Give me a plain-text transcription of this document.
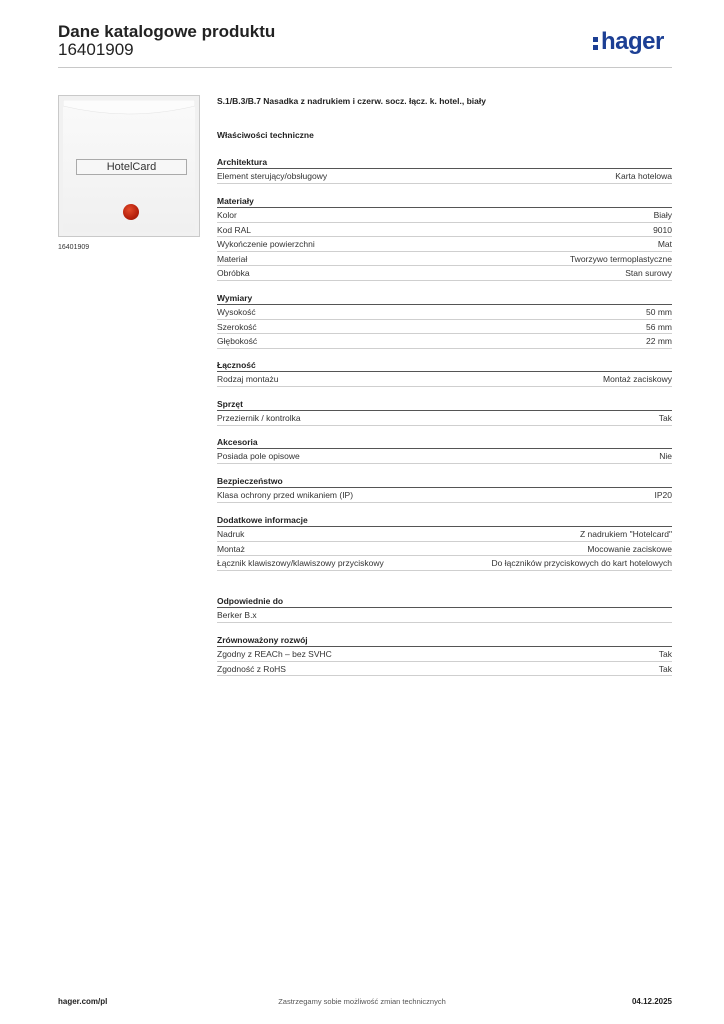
Dane katalogowe produktu
16401909	hager
HotelCard
16401909
S.1/B.3/B.7 Nasadka z nadrukiem i czerw. socz. łącz. k. hotel., biały
Właściwości techniczne
Architektura
Element sterujący/obsługowy	Karta hotelowa
Materiały
Kolor	Biały
Kod RAL	9010
Wykończenie powierzchni	Mat
Materiał	Tworzywo termoplastyczne
Obróbka	Stan surowy
Wymiary
Wysokość	50 mm
Szerokość	56 mm
Głębokość	22 mm
Łączność
Rodzaj montażu	Montaż zaciskowy
Sprzęt
Przeziernik / kontrolka	Tak
Akcesoria
Posiada pole opisowe	Nie
Bezpieczeństwo
Klasa ochrony przed wnikaniem (IP)	IP20
Dodatkowe informacje
Nadruk	Z nadrukiem "Hotelcard"
Montaż	Mocowanie zaciskowe
Łącznik klawiszowy/klawiszowy przyciskowy	Do łączników przyciskowych do kart hotelowych
Odpowiednie do
Berker B.x
Zrównoważony rozwój
Zgodny z REACh – bez SVHC	Tak
Zgodność z RoHS	Tak
hager.com/pl	Zastrzegamy sobie możliwość zmian technicznych	04.12.2025
